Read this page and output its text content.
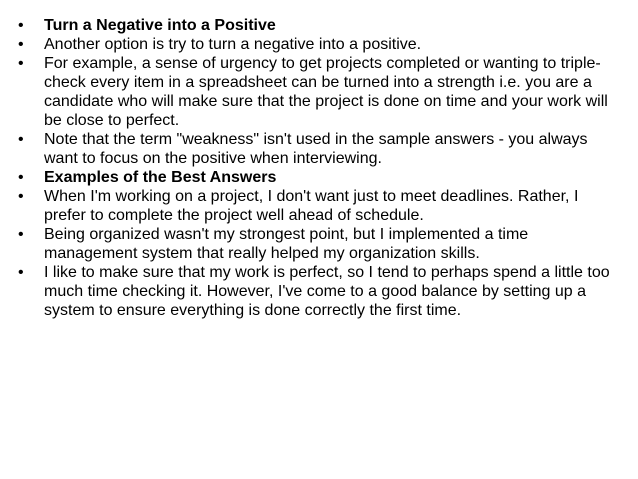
•	Turn a Negative into a Positive
•	Another option is try to turn a negative into a positive.
•	For example, a sense of urgency to get projects completed or wanting to triple-check every item in a spreadsheet can be turned into a strength i.e. you are a candidate who will make sure that the project is done on time and your work will be close to perfect.
•	Note that the term "weakness" isn't used in the sample answers - you always want to focus on the positive when interviewing.
•	Examples of the Best Answers
•	When I'm working on a project, I don't want just to meet deadlines. Rather, I prefer to complete the project well ahead of schedule.
•	Being organized wasn't my strongest point, but I implemented a time management system that really helped my organization skills.
•	I like to make sure that my work is perfect, so I tend to perhaps spend a little too much time checking it. However, I've come to a good balance by setting up a system to ensure everything is done correctly the first time.
